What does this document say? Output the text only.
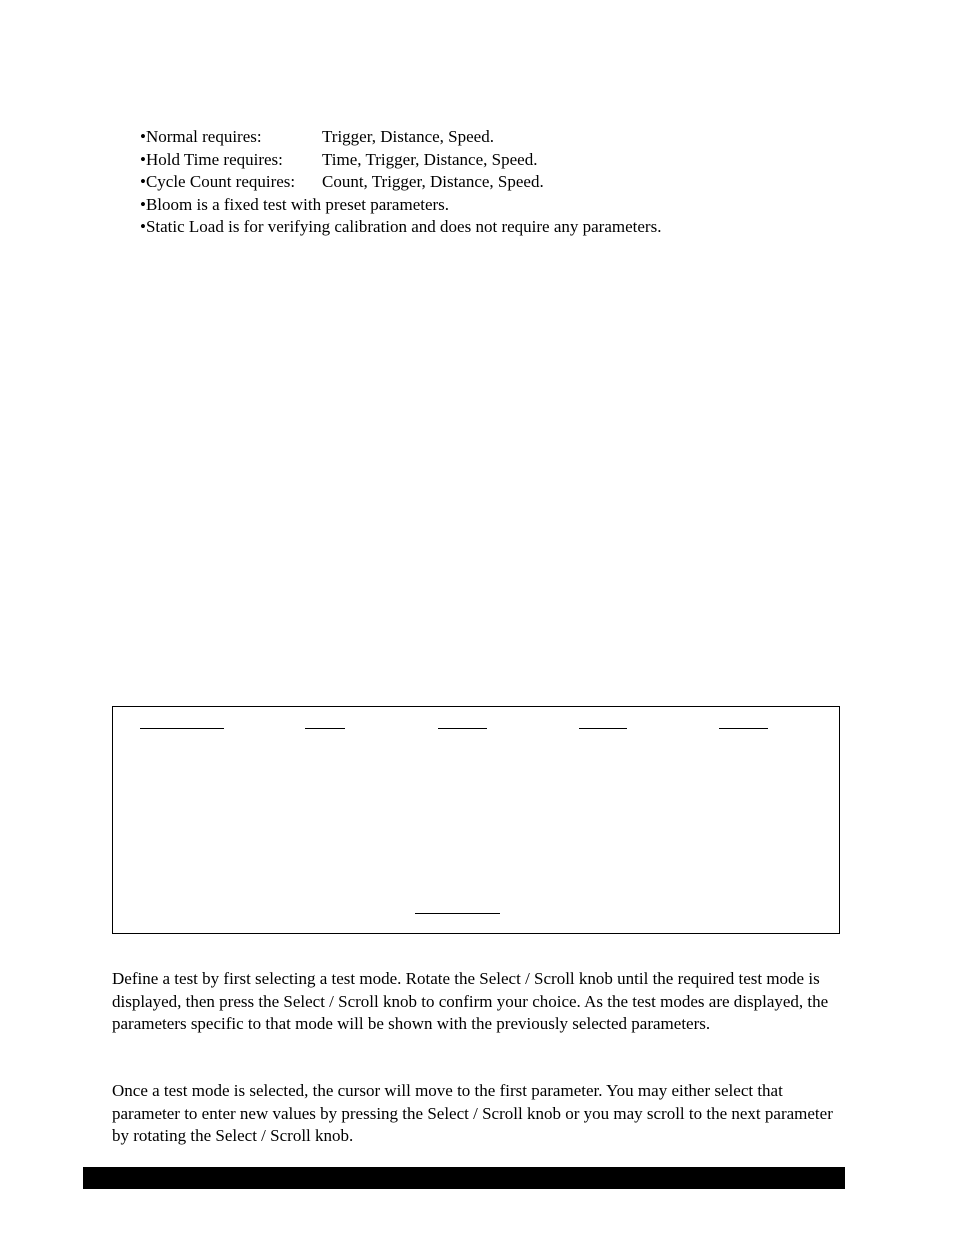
•Normal requires:	Trigger, Distance, Speed.
•Hold Time requires:	Time, Trigger, Distance, Speed.
•Cycle Count requires:	Count, Trigger, Distance, Speed.
•Bloom is a fixed test with preset parameters.
•Static Load is for verifying calibration and does not require any parameters.

Define a test by first selecting a test mode. Rotate the Select / Scroll knob until the required test mode is displayed, then press the Select / Scroll knob to confirm your choice. As the test modes are displayed, the parameters specific to that mode will be shown with the previously selected parameters.

Once a test mode is selected, the cursor will move to the first parameter. You may either select that parameter to enter new values by pressing the Select / Scroll knob or you may scroll to the next parameter by rotating the Select / Scroll knob.
